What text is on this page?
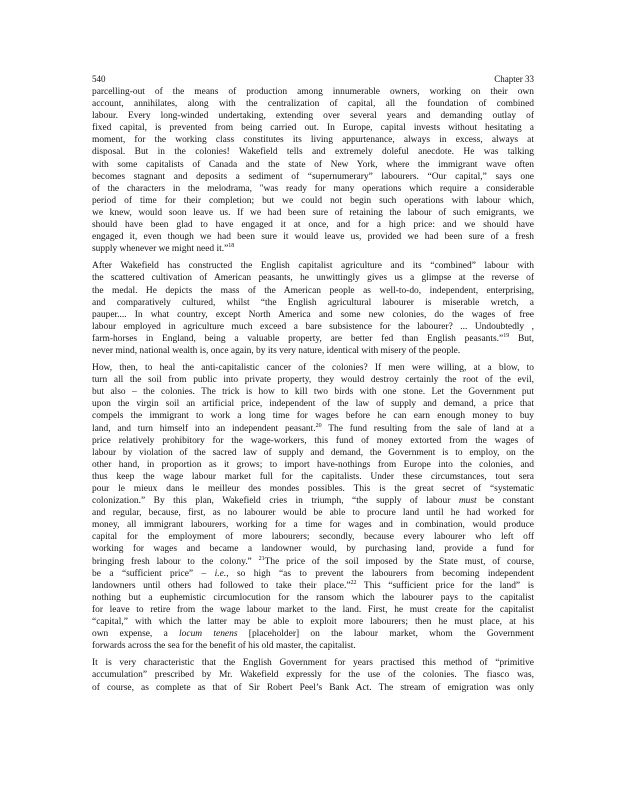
540	Chapter 33
parcelling-out of the means of production among innumerable owners, working on their own
account, annihilates, along with the centralization of capital, all the foundation of combined
labour. Every long-winded undertaking, extending over several years and demanding outlay of
fixed capital, is prevented from being carried out. In Europe, capital invests without hesitating a
moment, for the working class constitutes its living appurtenance, always in excess, always at
disposal. But in the colonies! Wakefield tells and extremely doleful anecdote. He was talking
with some capitalists of Canada and the state of New York, where the immigrant wave often
becomes stagnant and deposits a sediment of “supernumerary” labourers. “Our capital,” says one
of the characters in the melodrama, "was ready for many operations which require a considerable
period of time for their completion; but we could not begin such operations with labour which,
we knew, would soon leave us. If we had been sure of retaining the labour of such emigrants, we
should have been glad to have engaged it at once, and for a high price: and we should have
engaged it, even though we had been sure it would leave us, provided we had been sure of a fresh
supply whenever we might need it.”$^{18}$
After Wakefield has constructed the English capitalist agriculture and its “combined” labour with
the scattered cultivation of American peasants, he unwittingly gives us a glimpse at the reverse of
the medal. He depicts the mass of the American people as well-to-do, independent, enterprising,
and comparatively cultured, whilst “the English agricultural labourer is miserable wretch, a
pauper.... In what country, except North America and some new colonies, do the wages of free
labour employed in agriculture much exceed a bare subsistence for the labourer? ... Undoubtedly ,
farm-horses in England, being a valuable property, are better fed than English peasants.”$^{19}$ But,
never mind, national wealth is, once again, by its very nature, identical with misery of the people.
How, then, to heal the anti-capitalistic cancer of the colonies? If men were willing, at a blow, to
turn all the soil from public into private property, they would destroy certainly the root of the evil,
but also – the colonies. The trick is how to kill two birds with one stone. Let the Government put
upon the virgin soil an artificial price, independent of the law of supply and demand, a price that
compels the immigrant to work a long time for wages before he can earn enough money to buy
land, and turn himself into an independent peasant.$^{20}$ The fund resulting from the sale of land at a
price relatively prohibitory for the wage-workers, this fund of money extorted from the wages of
labour by violation of the sacred law of supply and demand, the Government is to employ, on the
other hand, in proportion as it grows; to import have-nothings from Europe into the colonies, and
thus keep the wage labour market full for the capitalists. Under these circumstances, tout sera
pour le mieux dans le meilleur des mondes possibles. This is the great secret of “systematic
colonization.” By this plan, Wakefield cries in triumph, “the supply of labour must be constant
and regular, because, first, as no labourer would be able to procure land until he had worked for
money, all immigrant labourers, working for a time for wages and in combination, would produce
capital for the employment of more labourers; secondly, because every labourer who left off
working for wages and became a landowner would, by purchasing land, provide a fund for
bringing fresh labour to the colony.” $^{21}$The price of the soil imposed by the State must, of course,
be a “sufficient price” – i.e., so high “as to prevent the labourers from becoming independent
landowners until others had followed to take their place.”$^{22}$ This “sufficient price for the land” is
nothing but a euphemistic circumlocution for the ransom which the labourer pays to the capitalist
for leave to retire from the wage labour market to the land. First, he must create for the capitalist
“capital,” with which the latter may be able to exploit more labourers; then he must place, at his
own expense, a locum tenens [placeholder] on the labour market, whom the Government
forwards across the sea for the benefit of his old master, the capitalist.
It is very characteristic that the English Government for years practised this method of “primitive
accumulation” prescribed by Mr. Wakefield expressly for the use of the colonies. The fiasco was,
of course, as complete as that of Sir Robert Peel’s Bank Act. The stream of emigration was only
